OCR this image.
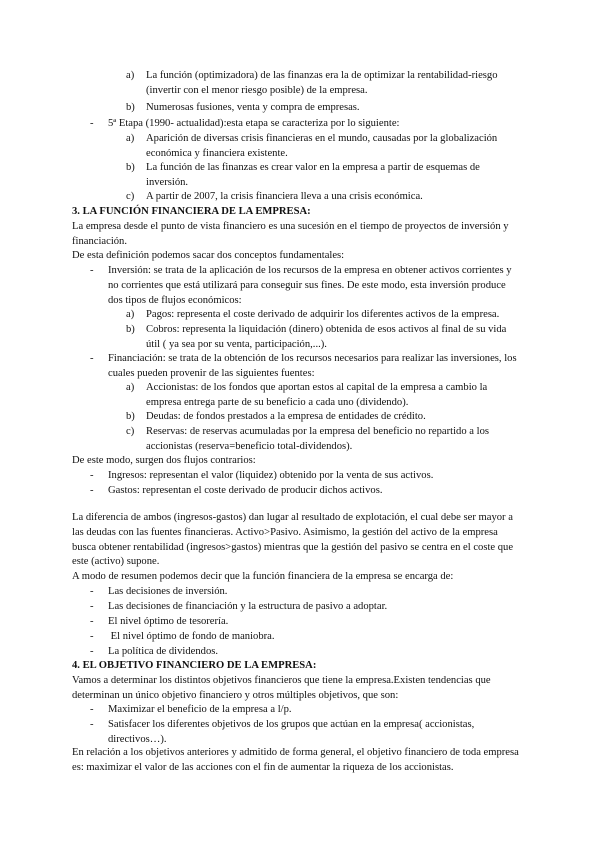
a) La función (optimizadora) de las finanzas era la de optimizar la rentabilidad-riesgo (invertir con el menor riesgo posible) de la empresa.
b) Numerosas fusiones, venta y compra de empresas.
- 5ª Etapa (1990- actualidad):esta etapa se caracteriza por lo siguiente:
a) Aparición de diversas crisis financieras en el mundo, causadas por la globalización económica y financiera existente.
b) La función de las finanzas es crear valor en la empresa a partir de esquemas de inversión.
c) A partir de 2007, la crisis financiera lleva a una crisis económica.
3. LA FUNCIÓN FINANCIERA DE LA EMPRESA:
La empresa desde el punto de vista financiero es una sucesión en el tiempo de proyectos de inversión y financiación.
De esta definición podemos sacar dos conceptos fundamentales:
- Inversión: se trata de la aplicación de los recursos de la empresa en obtener activos corrientes y no corrientes que está utilizará para conseguir sus fines. De este modo, esta inversión produce dos tipos de flujos económicos:
a) Pagos: representa el coste derivado de adquirir los diferentes activos de la empresa.
b) Cobros: representa la liquidación (dinero) obtenida de esos activos al final de su vida útil ( ya sea por su venta, participación,...).
- Financiación: se trata de la obtención de los recursos necesarios para realizar las inversiones, los cuales pueden provenir de las siguientes fuentes:
a) Accionistas: de los fondos que aportan estos al capital de la empresa a cambio la empresa entrega parte de su beneficio a cada uno (dividendo).
b) Deudas: de fondos prestados a la empresa de entidades de crédito.
c) Reservas: de reservas acumuladas por la empresa del beneficio no repartido a los accionistas (reserva=beneficio total-dividendos).
De este modo, surgen dos flujos contrarios:
- Ingresos: representan el valor (liquidez) obtenido por la venta de sus activos.
- Gastos: representan el coste derivado de producir dichos activos.
La diferencia de ambos (ingresos-gastos) dan lugar al resultado de explotación, el cual debe ser mayor a las deudas con las fuentes financieras. Activo>Pasivo. Asimismo, la gestión del activo de la empresa busca obtener rentabilidad (ingresos>gastos) mientras que la gestión del pasivo se centra en el coste que este (activo) supone.
A modo de resumen podemos decir que la función financiera de la empresa se encarga de:
- Las decisiones de inversión.
- Las decisiones de financiación y la estructura de pasivo a adoptar.
- El nivel óptimo de tesorería.
- El nivel óptimo de fondo de maniobra.
- La política de dividendos.
4. EL OBJETIVO FINANCIERO DE LA EMPRESA:
Vamos a determinar los distintos objetivos financieros que tiene la empresa.Existen tendencias que determinan un único objetivo financiero y otros múltiples objetivos, que son:
- Maximizar el beneficio de la empresa a l/p.
- Satisfacer los diferentes objetivos de los grupos que actúan en la empresa( accionistas, directivos…).
En relación a los objetivos anteriores y admitido de forma general, el objetivo financiero de toda empresa es: maximizar el valor de las acciones con el fin de aumentar la riqueza de los accionistas.
